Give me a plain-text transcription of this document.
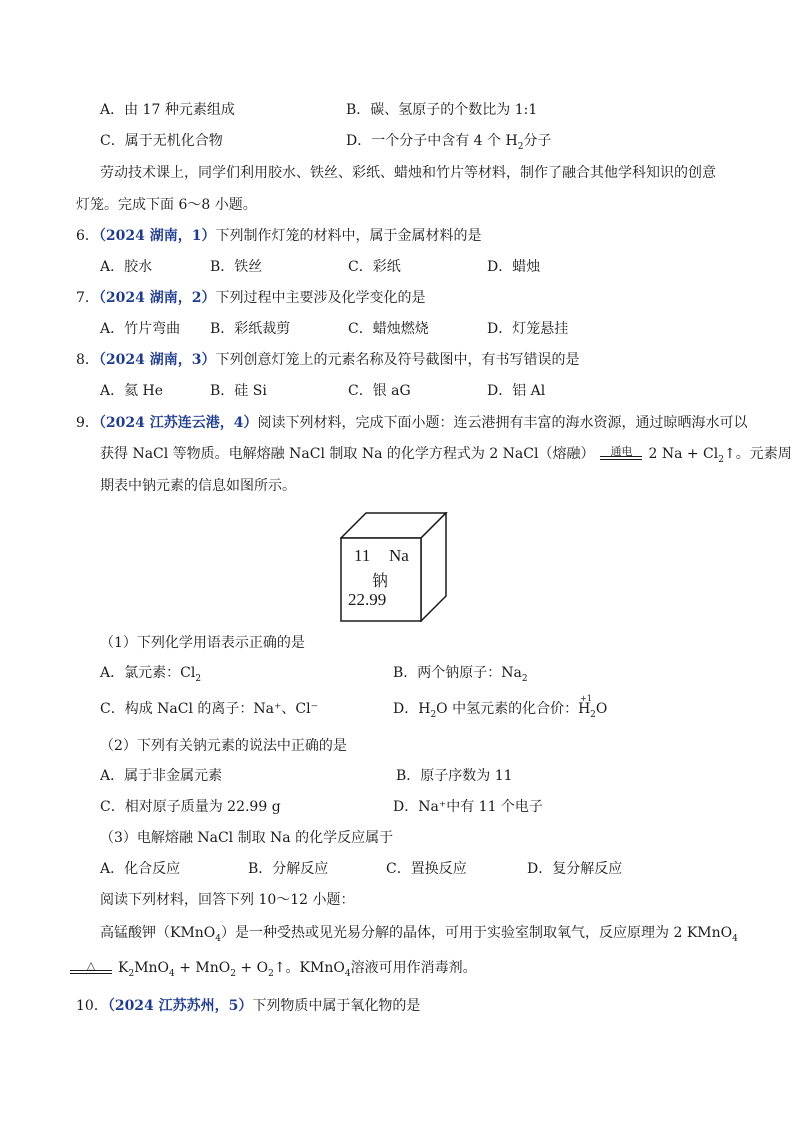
A．由 17 种元素组成	B．碳、氢原子的个数比为 1:1
C．属于无机化合物	D．一个分子中含有 4 个 $H_2$分子
劳动技术课上，同学们利用胶水、铁丝、彩纸、蜡烛和竹片等材料，制作了融合其他学科知识的创意
灯笼。完成下面 6～8 小题。
6．（2024 湖南，1）下列制作灯笼的材料中，属于金属材料的是
A．胶水	B．铁丝	C．彩纸	D．蜡烛
7．（2024 湖南，2）下列过程中主要涉及化学变化的是
A．竹片弯曲 B．彩纸裁剪	C．蜡烛燃烧	D．灯笼悬挂
8．（2024 湖南，3）下列创意灯笼上的元素名称及符号截图中，有书写错误的是
A．氦 He	B．硅 Si	C．银 aG	D．铝 Al
9．（2024 江苏连云港，4）阅读下列材料，完成下面小题：连云港拥有丰富的海水资源，通过晾晒海水可以
获得 NaCl 等物质。电解熔融 NaCl 制取 Na 的化学方程式为 2 NaCl（熔融）	通电	2 $Na + Cl_2↑$。元素周
期表中钠元素的信息如图所示。
11 Na
钠
22.99
（1）下列化学用语表示正确的是
A．氯元素：$Cl_2$	B．两个钠原子：$Na_2$
C．构成 NaCl 的离子：Na⁺、Cl⁻	D．$H_2O$ 中氢元素的化合价：
+1
$H_2O$
（2）下列有关钠元素的说法中正确的是
A．属于非金属元素	B．原子序数为 11
C．相对原子质量为 22.99 g	D．Na⁺中有 11 个电子
（3）电解熔融 NaCl 制取 Na 的化学反应属于
A．化合反应	B．分解反应	C．置换反应	D．复分解反应
阅读下列材料，回答下列 10～12 小题：
高锰酸钾（KMnO$_4$）是一种受热或见光易分解的晶体，可用于实验室制取氧气，反应原理为 2 KMnO$_4$
△	$K_2MnO_4 + MnO_2$ + $O_2↑$。KMnO$_4$溶液可用作消毒剂。
10．（2024 江苏苏州，5）下列物质中属于氧化物的是
